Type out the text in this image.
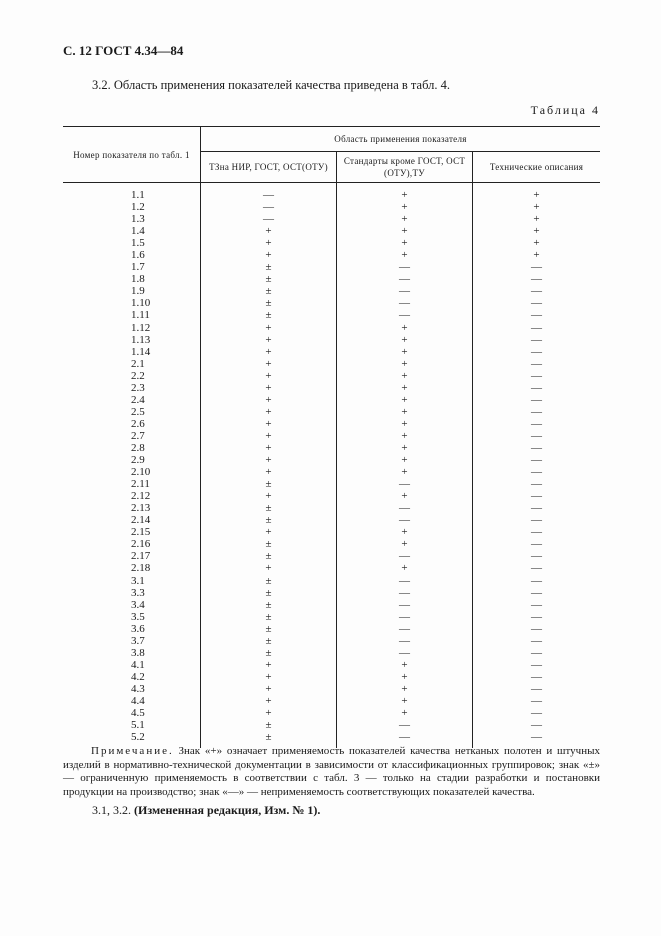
С. 12 ГОСТ 4.34—84
3.2. Область применения показателей качества приведена в табл. 4.
Таблица 4
Номер показателя по табл. 1	Область применения показателя		
	ТЗна НИР, ГОСТ, ОСТ(ОТУ)	Стандарты кроме ГОСТ, ОСТ (ОТУ),ТУ	Технические описания
1.1	—	+	+
1.2	—	+	+
1.3	—	+	+
1.4	+	+	+
1.5	+	+	+
1.6	+	+	+
1.7	±	—	—
1.8	±	—	—
1.9	±	—	—
1.10	±	—	—
1.11	±	—	—
1.12	+	+	—
1.13	+	+	—
1.14	+	+	—
2.1	+	+	—
2.2	+	+	—
2.3	+	+	—
2.4	+	+	—
2.5	+	+	—
2.6	+	+	—
2.7	+	+	—
2.8	+	+	—
2.9	+	+	—
2.10	+	+	—
2.11	±	—	—
2.12	+	+	—
2.13	±	—	—
2.14	±	—	—
2.15	+	+	—
2.16	±	+	—
2.17	±	—	—
2.18	+	+	—
3.1	±	—	—
3.3	±	—	—
3.4	±	—	—
3.5	±	—	—
3.6	±	—	—
3.7	±	—	—
3.8	±	—	—
4.1	+	+	—
4.2	+	+	—
4.3	+	+	—
4.4	+	+	—
4.5	+	+	—
5.1	±	—	—
5.2	±	—	—
Примечание. Знак «+» означает применяемость показателей качества нетканых полотен и штучных изделий в нормативно-технической документации в зависимости от классификационных группировок; знак «±» — ограниченную применяемость в соответствии с табл. 3 — только на стадии разработки и постановки продукции на производство; знак «—» — неприменяемость соответствующих показателей качества.
3.1, 3.2. (Измененная редакция, Изм. № 1).
